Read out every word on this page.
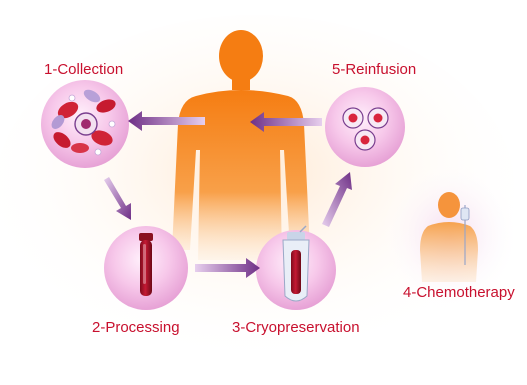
1-Collection
2-Processing	3-Cryopreservation
4-Chemotherapy
5-Reinfusion
